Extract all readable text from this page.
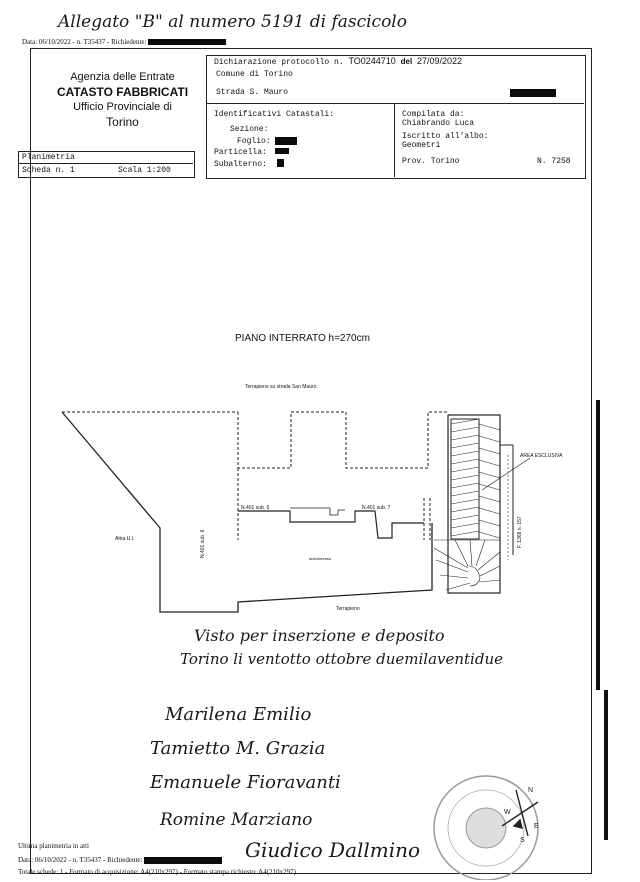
Allegato "B" al numero 5191 di fascicolo
Data: 06/10/2022 - n. T35437 - Richiedente:
Agenzia delle Entrate
CATASTO FABBRICATI
Ufficio Provinciale di
Torino
Dichiarazione protocollo n. TO0244710 del 27/09/2022
Comune di Torino
Strada S. Mauro
Identificativi Catastali:
Sezione:
Foglio:
Particella:
Subalterno:
Compilata da:
Chiabrando Luca
Iscritto all'albo:
Geometri
Prov. Torino	N. 7258
Planimetria
Scheda n. 1	Scala 1:200
PIANO INTERRATO h=270cm
Terrapieno su strada San Mauro
AREA ESCLUSIVA
N.401 sub. 6	N.401 sub. 7
Altra U.I.
autorimessa
N.401 sub. 6	F. 1368 n. 157
Terrapieno
Visto per inserzione e deposito
Torino li ventotto ottobre duemilaventidue
Marilena Emilio
Tamietto M. Grazia
Emanuele Fioravanti
Romine Marziano
Giudico Dallmino
N
W
E
S
Ultima planimetria in atti
Data: 06/10/2022 - n. T35437 - Richiedente:
Totale schede: 1 - Formato di acquisizione: A4(210x297) - Formato stampa richiesto: A4(210x297)
